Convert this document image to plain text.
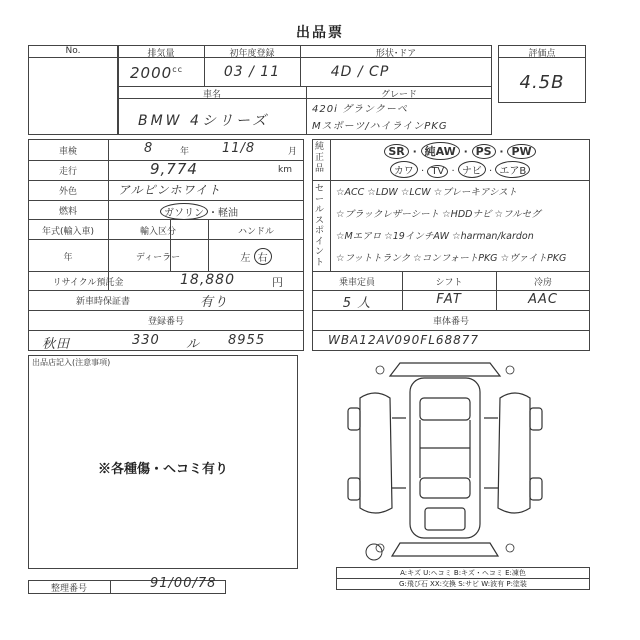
出品票
No.	排気量	初年度登録	形状･ドア
$2000^{cc}$	03 / 11	4D / CP
車名	グレード
BMW 4シリーズ
420i グランクーペ
Mスポーツ/ハイラインPKG
評価点
4.5B
車検	8	年	11/8	月
走行	9,774	km
外色	アルピンホワイト
燃料	ガソリン ・軽油
年式(輸入車)	輸入区分	ハンドル
年	ディーラー	左 右
リサイクル預託金	18,880	円
新車時保証書	有り
登録番号
秋田	330 ル 8955
純正品
SR · 純AW · PS · PW
カワ · TV · ナビ · エアB
セールスポイント
☆ACC ☆LDW ☆LCW ☆ブレーキアシスト
☆ブラックレザーシート ☆HDDナビ ☆フルセグ
☆Mエアロ ☆19インチAW ☆harman/kardon
☆フットトランク ☆コンフォートPKG ☆ヴァイトPKG
乗車定員	シフト	冷房
5 人	FAT	AAC
車体番号
WBA12AV090FL68877
出品店記入(注意事項)
※各種傷・ヘコミ有り
A:キズ U:ヘコミ B:キズ・ヘコミ E:凍色
G:飛び石 XX:交換 S:サビ W:波有 P:塗装
整理番号	91/00/78
